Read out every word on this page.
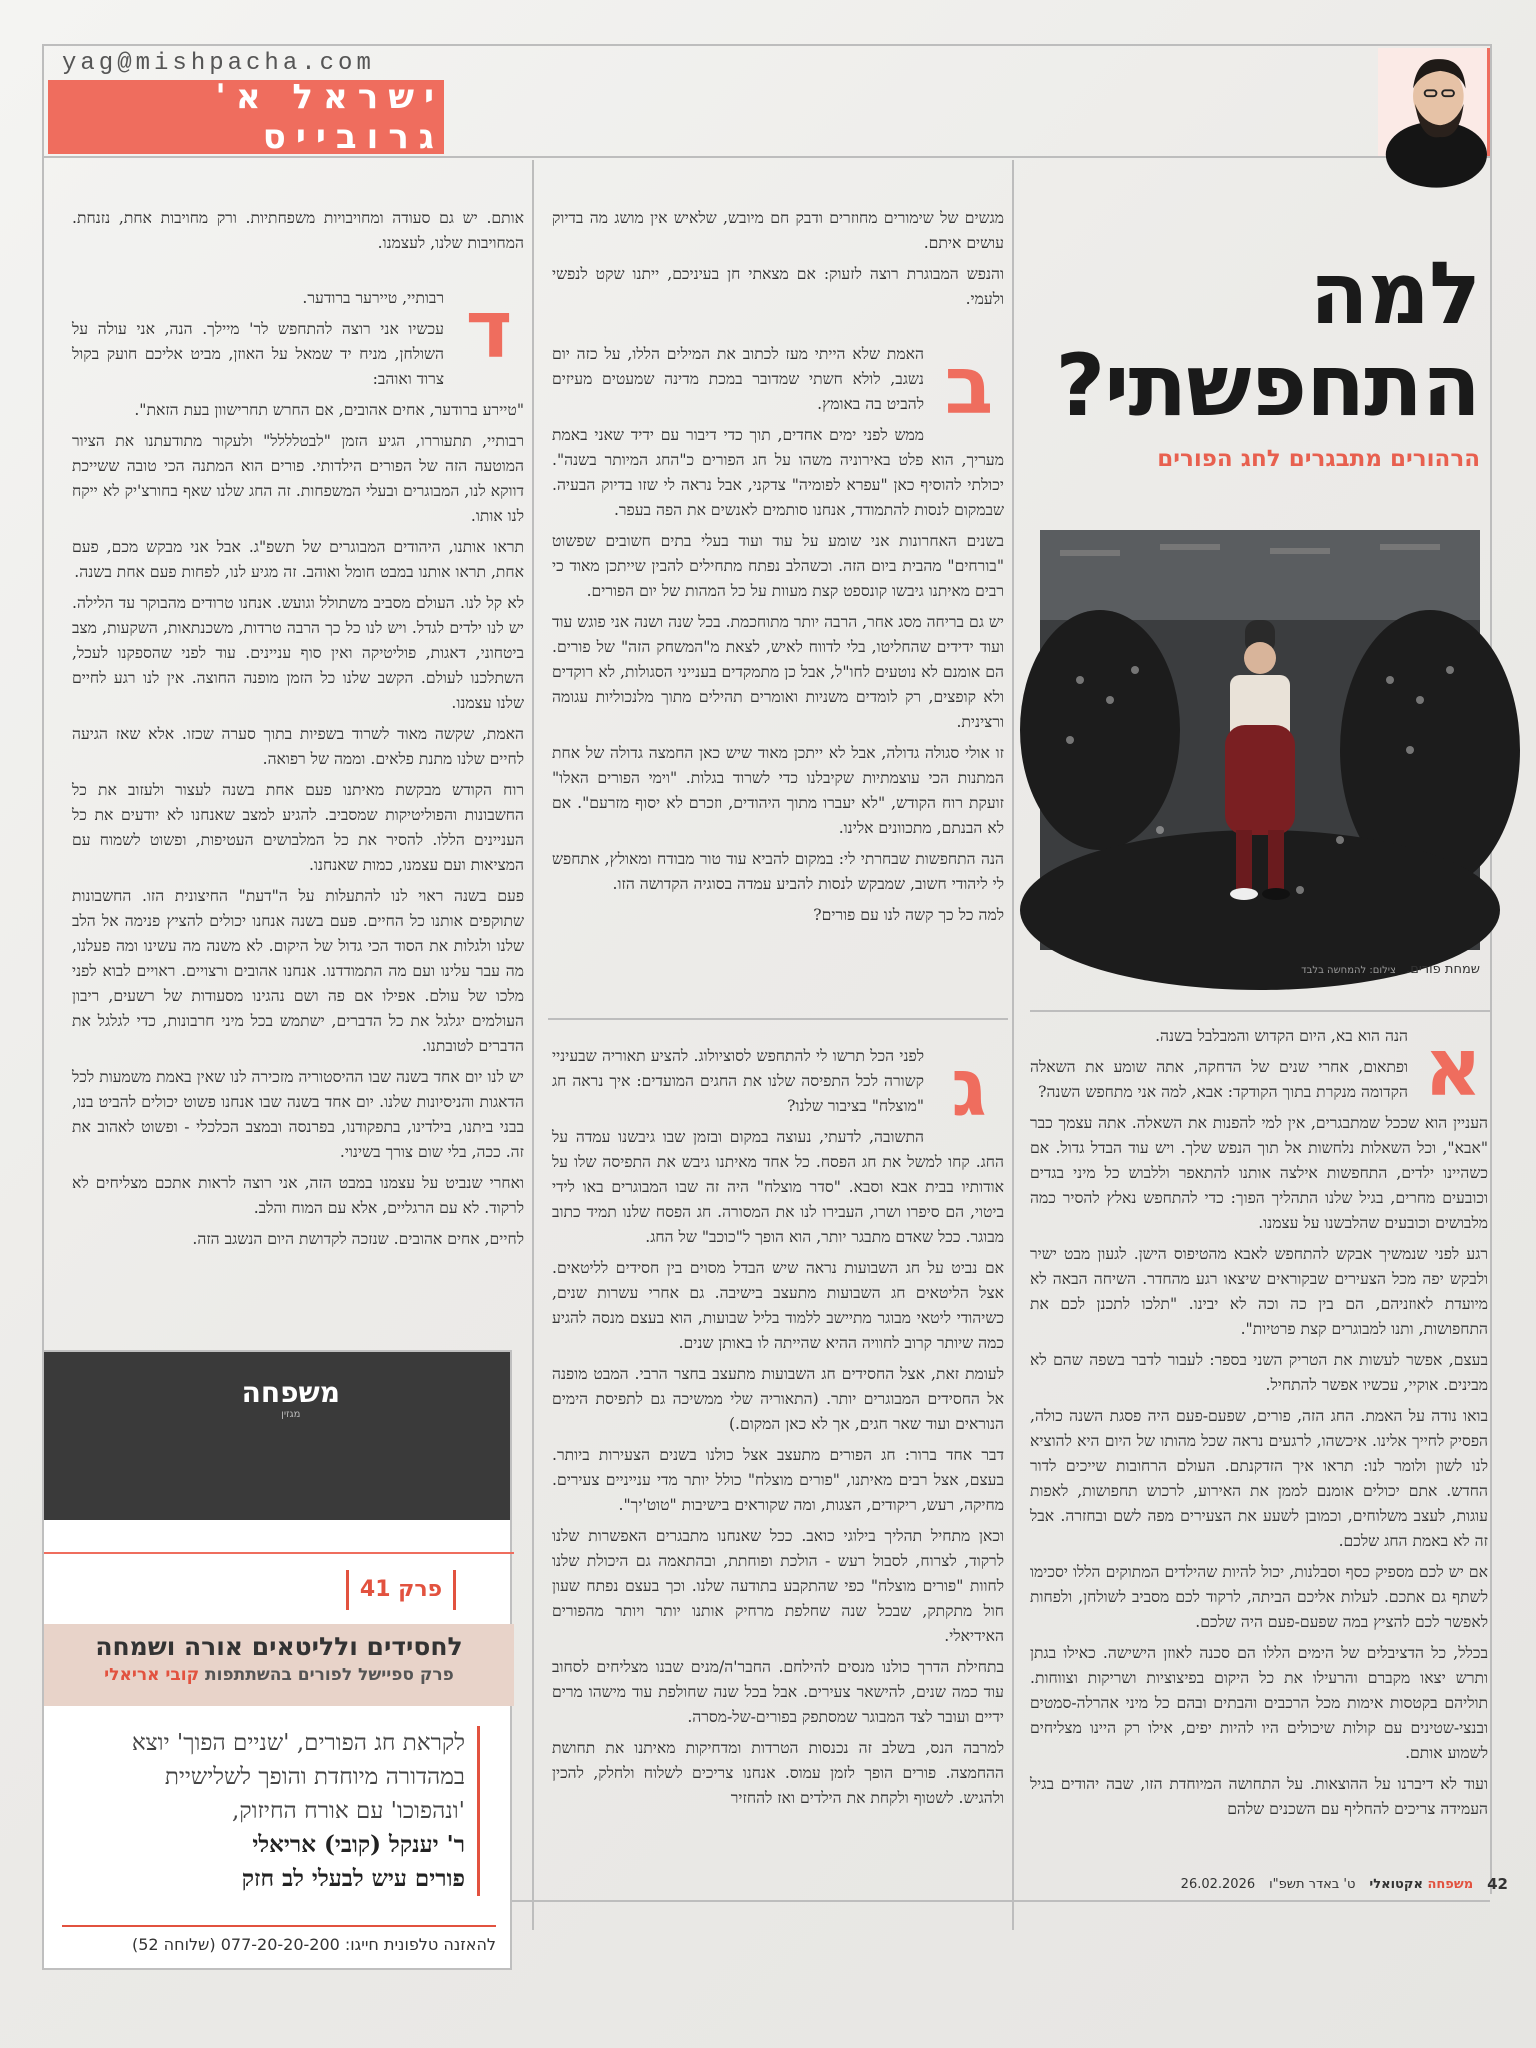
yag@mishpacha.com
ישראל א' גרובייס
למה התחפשתי?
הרהורים מתבגרים לחג הפורים
שמחת פורים. צילום: להמחשה בלבד
א

הנה הוא בא, היום הקדוש והמבלבל בשנה.

ופתאום, אחרי שנים של הדחקה, אתה שומע את השאלה הקדומה מנקרת בתוך הקודקד: אבא, למה אני מתחפש השנה?

העניין הוא שככל שמתבגרים, אין למי להפנות את השאלה. אתה עצמך כבר "אבא", וכל השאלות נלחשות אל תוך הנפש שלך. ויש עוד הבדל גדול. אם כשהיינו ילדים, התחפשות אילצה אותנו להתאפר וללבוש כל מיני בגדים וכובעים מחרים, בגיל שלנו התהליך הפוך: כדי להתחפש נאלץ להסיר כמה מלבושים וכובעים שהלבשנו על עצמנו.

רגע לפני שנמשיך אבקש להתחפש לאבא מהטיפוס הישן. לגעון מבט ישיר ולבקש יפה מכל הצעירים שבקוראים שיצאו רגע מהחדר. השיחה הבאה לא מיועדת לאוזניהם, הם בין כה וכה לא יבינו. "תלכו לתכנן לכם את התחפושות, ותנו למבוגרים קצת פרטיות".

בעצם, אפשר לעשות את הטריק השני בספר: לעבור לדבר בשפה שהם לא מבינים. אוקיי, עכשיו אפשר להתחיל.

בואו נודה על האמת. החג הזה, פורים, שפעם-פעם היה פסגת השנה כולה, הפסיק לחייך אלינו. איכשהו, לרגעים נראה שכל מהותו של היום היא להוציא לנו לשון ולומר לנו: תראו איך הזדקנתם. העולם הרחובות שייכים לדור החדש. אתם יכולים אומנם לממן את האירוע, לרכוש תחפושות, לאפות עוגות, לעצב משלוחים, וכמובן לשעע את הצעירים מפה לשם ובחזרה. אבל זה לא באמת החג שלכם.

אם יש לכם מספיק כסף וסבלנות, יכול להיות שהילדים המתוקים הללו יסכימו לשתף גם אתכם. לעלות אליכם הביתה, לרקוד לכם מסביב לשולחן, ולפחות לאפשר לכם להציץ במה שפעם-פעם היה שלכם.

בכלל, כל הדציבלים של הימים הללו הם סכנה לאוזן הישישה. כאילו בגתן ותרש יצאו מקברם והרעילו את כל היקום בפיצוציות ושריקות וצווחות. תוליהם בקטסות אימות מכל הרכבים והבתים ובהם כל מיני אהרלה-סמטים ובנצי-שטינים עם קולות שיכולים היו להיות יפים, אילו רק היינו מצליחים לשמוע אותם.

ועוד לא דיברנו על ההוצאות. על התחושה המיוחדת הזו, שבה יהודים בגיל העמידה צריכים להחליף עם השכנים שלהם

מגשים של שימורים מחוזרים ודבק חם מיובש, שלאיש אין מושג מה בדיוק עושים איתם.

והנפש המבוגרת רוצה לזעוק: אם מצאתי חן בעיניכם, ייתנו שקט לנפשי ולעמי.

ב

האמת שלא הייתי מעז לכתוב את המילים הללו, על כזה יום נשגב, לולא חשתי שמדובר במכת מדינה שמעטים מעיזים להביט בה באומץ.

ממש לפני ימים אחדים, תוך כדי דיבור עם ידיד שאני באמת מעריך, הוא פלט באירוניה משהו על חג הפורים כ"החג המיותר בשנה". יכולתי להוסיף כאן "עפרא לפומיה" צדקני, אבל נראה לי שזו בדיוק הבעיה. שבמקום לנסות להתמודד, אנחנו סותמים לאנשים את הפה בעפר.

בשנים האחרונות אני שומע על עוד ועוד בעלי בתים חשובים שפשוט "בורחים" מהבית ביום הזה. וכשהלב נפתח מתחילים להבין שייתכן מאוד כי רבים מאיתנו גיבשו קונספט קצת מעוות על כל המהות של יום הפורים.

יש גם בריחה מסג אחר, הרבה יותר מתוחכמת. בכל שנה ושנה אני פוגש עוד ועוד ידידים שהחליטו, בלי לדווח לאיש, לצאת מ"המשחק הזה" של פורים. הם אומנם לא נוטעים לחו"ל, אבל כן מתמקדים בענייני הסגולות, לא רוקדים ולא קופצים, רק לומדים משניות ואומרים תהילים מתוך מלנכוליות עגומה ורצינית.

זו אולי סגולה גדולה, אבל לא ייתכן מאוד שיש כאן החמצה גדולה של אחת המתנות הכי עוצמתיות שקיבלנו כדי לשרוד בגלות. "וימי הפורים האלו" זועקת רוח הקודש, "לא יעברו מתוך היהודים, וזכרם לא יסוף מזרעם". אם לא הבנתם, מתכוונים אלינו.

הנה התחפשות שבחרתי לי: במקום להביא עוד טור מבודח ומאולץ, אתחפש לי ליהודי חשוב, שמבקש לנסות להביע עמדה בסוגיה הקדושה הזו.

למה כל כך קשה לנו עם פורים?

ג

לפני הכל תרשו לי להתחפש לסוציולוג. להציע תאוריה שבעיניי קשורה לכל התפיסה שלנו את החגים המועדים: איך נראה חג "מוצלח" בציבור שלנו?

התשובה, לדעתי, נעוצה במקום ובזמן שבו גיבשנו עמדה על החג. קחו למשל את חג הפסח. כל אחד מאיתנו גיבש את התפיסה שלו על אודותיו בבית אבא וסבא. "סדר מוצלח" היה זה שבו המבוגרים באו לידי ביטוי, הם סיפרו ושרו, העבירו לנו את המסורה. חג הפסח שלנו תמיד כתוב מבוגר. ככל שאדם מתבגר יותר, הוא הופך ל"כוכב" של החג.

אם נביט על חג השבועות נראה שיש הבדל מסוים בין חסידים לליטאים. אצל הליטאים חג השבועות מתעצב בישיבה. גם אחרי עשרות שנים, כשיהודי ליטאי מבוגר מתיישב ללמוד בליל שבועות, הוא בעצם מנסה להגיע כמה שיותר קרוב לחוויה ההיא שהייתה לו באותן שנים.

לעומת זאת, אצל החסידים חג השבועות מתעצב בחצר הרבי. המבט מופנה אל החסידים המבוגרים יותר. (התאוריה שלי ממשיכה גם לתפיסת הימים הנוראים ועוד שאר חגים, אך לא כאן המקום.)

דבר אחד ברור: חג הפורים מתעצב אצל כולנו בשנים הצעירות ביותר. בעצם, אצל רבים מאיתנו, "פורים מוצלח" כולל יותר מדי ענייניים צעירים. מחיקה, רעש, ריקודים, הצגות, ומה שקוראים בישיבות "טוט'יך".

וכאן מתחיל תהליך בילוגי כואב. ככל שאנחנו מתבגרים האפשרות שלנו לרקוד, לצרוח, לסבול רעש - הולכת ופוחתת, ובהתאמה גם היכולת שלנו לחוות "פורים מוצלח" כפי שהתקבע בתודעה שלנו. וכך בעצם נפתח שעון חול מתקתק, שבכל שנה שחלפת מרחיק אותנו יותר ויותר מהפורים האידיאלי.

בתחילת הדרך כולנו מנסים להילחם. החבר'ה/מנים שבנו מצליחים לסחוב עוד כמה שנים, להישאר צעירים. אבל בכל שנה שחולפת עוד מישהו מרים ידיים ועובר לצד המבוגר שמסתפק בפורים-של-מסרה.

למרבה הנס, בשלב זה נכנסות הטרדות ומדחיקות מאיתנו את תחושת ההחמצה. פורים הופך לזמן עמוס. אנחנו צריכים לשלוח ולחלק, להכין ולהגיש. לשטוף ולקחת את הילדים ואז להחזיר

אותם. יש גם סעודה ומחויבויות משפחתיות. ורק מחויבות אחת, נזנחת. המחויבות שלנו, לעצמנו.

ד

רבותיי, טיירער ברודער.

עכשיו אני רוצה להתחפש לר' מיילך. הנה, אני עולה על השולחן, מניח יד שמאל על האוזן, מביט אליכם חועק בקול צרוד ואוהב:

"טיירע ברודער, אחים אהובים, אם החרש תחרישוון בעת הזאת".

רבותיי, תתעוררו, הגיע הזמן "לבטלללל" ולעקור מתודעתנו את הציור המוטעה הזה של הפורים הילדותי. פורים הוא המתנה הכי טובה ששייכת דווקא לנו, המבוגרים ובעלי המשפחות. זה החג שלנו שאף בחורצ'יק לא ייקח לנו אותו.

תראו אותנו, היהודים המבוגרים של תשפ"ג. אבל אני מבקש מכם, פעם אחת, תראו אותנו במבט חומל ואוהב. זה מגיע לנו, לפחות פעם אחת בשנה.

לא קל לנו. העולם מסביב משתולל וגועש. אנחנו טרודים מהבוקר עד הלילה. יש לנו ילדים לגדל. ויש לנו כל כך הרבה טרדות, משכנתאות, השקעות, מצב ביטחוני, דאגות, פוליטיקה ואין סוף עניינים. עוד לפני שהספקנו לעכל, השתלכנו לעולם. הקשב שלנו כל הזמן מופנה החוצה. אין לנו רגע לחיים שלנו עצמנו.

האמת, שקשה מאוד לשרוד בשפיות בתוך סערה שכזו. אלא שאז הגיעה לחיים שלנו מתנת פלאים. וממה של רפואה.

רוח הקודש מבקשת מאיתנו פעם אחת בשנה לעצור ולעזוב את כל החשבונות והפוליטיקות שמסביב. להגיע למצב שאנחנו לא יודעים את כל העניינים הללו. להסיר את כל המלבושים העטיפות, ופשוט לשמוח עם המציאות ועם עצמנו, כמות שאנחנו.

פעם בשנה ראוי לנו להתעלות על ה"דעת" החיצונית הזו. החשבונות שתוקפים אותנו כל החיים. פעם בשנה אנחנו יכולים להציץ פנימה אל הלב שלנו ולגלות את הסוד הכי גדול של היקום. לא משנה מה עשינו ומה פעלנו, מה עבר עלינו ועם מה התמודדנו. אנחנו אהובים ורצויים. ראויים לבוא לפני מלכו של עולם. אפילו אם פה ושם נהגינו מסעודות של רשעים, ריבון העולמים יגלגל את כל הדברים, ישתמש בכל מיני חרבונות, כדי לגלגל את הדברים לטובתנו.

יש לנו יום אחד בשנה שבו ההיסטוריה מזכירה לנו שאין באמת משמעות לכל הדאגות והניסיונות שלנו. יום אחד בשנה שבו אנחנו פשוט יכולים להביט בנו, בבני ביתנו, בילדינו, בתפקודנו, בפרנסה ובמצב הכלכלי - ופשוט לאהוב את זה. ככה, בלי שום צורך בשינוי.

ואחרי שנביט על עצמנו במבט הזה, אני רוצה לראות אתכם מצליחים לא לרקוד. לא עם הרגליים, אלא עם המוח והלב.

לחיים, אחים אהובים. שנזכה לקדושת היום הנשגב הזה.

משפחה
מגזין
פרק 41
לחסידים ולליטאים אורה ושמחה
פרק ספיישל לפורים בהשתתפות קובי אריאלי
לקראת חג הפורים, 'שניים הפוך' יוצא
במהדורה מיוחדת והופך לשלישיית
'ונהפוכו' עם אורח החיזוק,
ר' יענקל (קובי) אריאלי
פורים עיש לבעלי לב חזק
להאזנה טלפונית חייגו: 077-20-20-200 (שלוחה 52)
42
משפחה אקטואלי
ט' באדר תשפ"ו
26.02.2026
